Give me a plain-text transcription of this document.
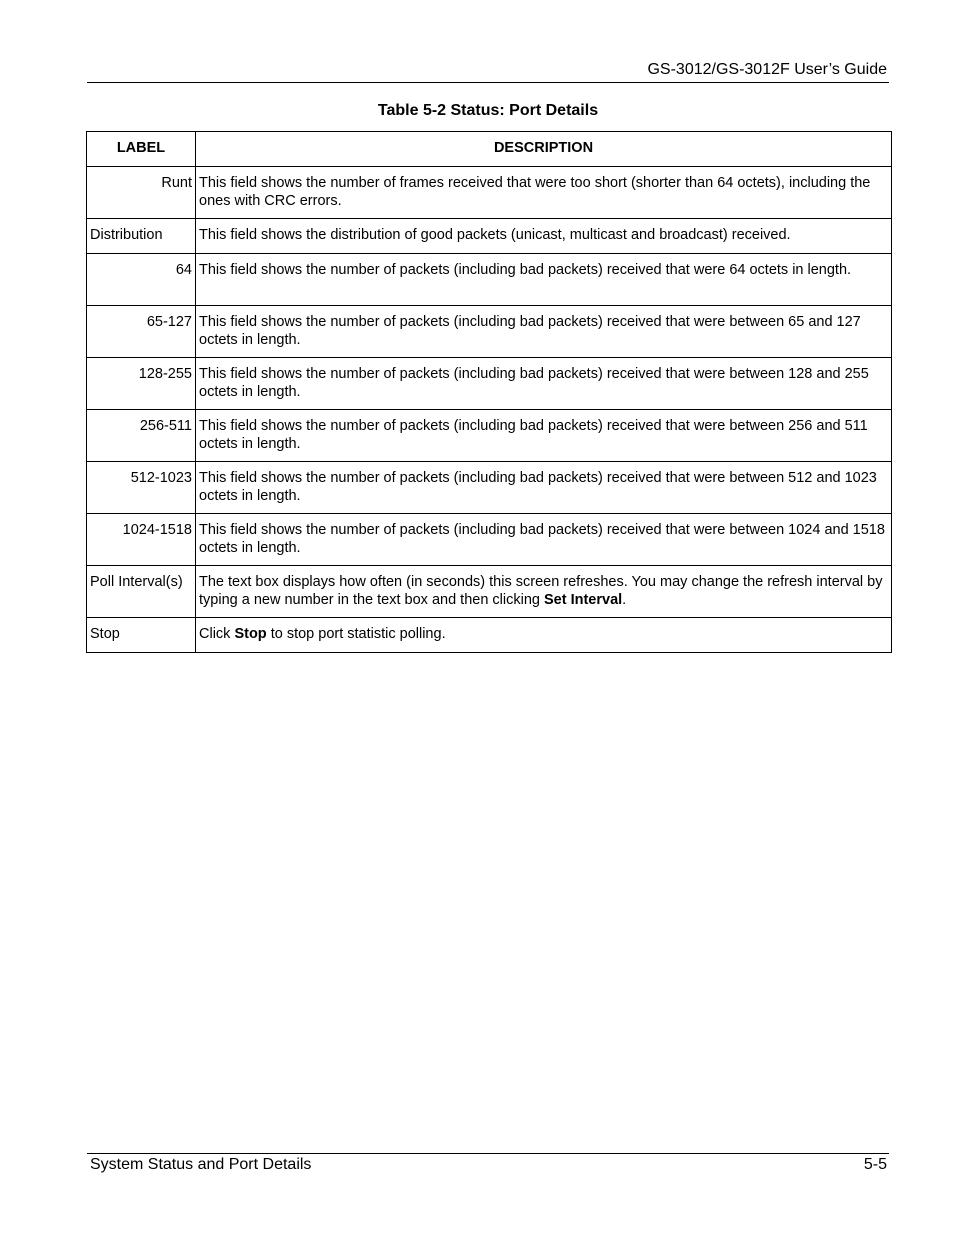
GS-3012/GS-3012F User’s Guide
Table 5-2 Status: Port Details
LABEL	DESCRIPTION
Runt	This field shows the number of frames received that were too short (shorter than 64 octets), including the ones with CRC errors.
Distribution	This field shows the distribution of good packets (unicast, multicast and broadcast) received.
64	This field shows the number of packets (including bad packets) received that were 64 octets in length.
65-127	This field shows the number of packets (including bad packets) received that were between 65 and 127 octets in length.
128-255	This field shows the number of packets (including bad packets) received that were between 128 and 255 octets in length.
256-511	This field shows the number of packets (including bad packets) received that were between 256 and 511 octets in length.
512-1023	This field shows the number of packets (including bad packets) received that were between 512 and 1023 octets in length.
1024-1518	This field shows the number of packets (including bad packets) received that were between 1024 and 1518 octets in length.
Poll Interval(s)	The text box displays how often (in seconds) this screen refreshes. You may change the refresh interval by typing a new number in the text box and then clicking Set Interval.
Stop	Click Stop to stop port statistic polling.
System Status and Port Details	5-5
